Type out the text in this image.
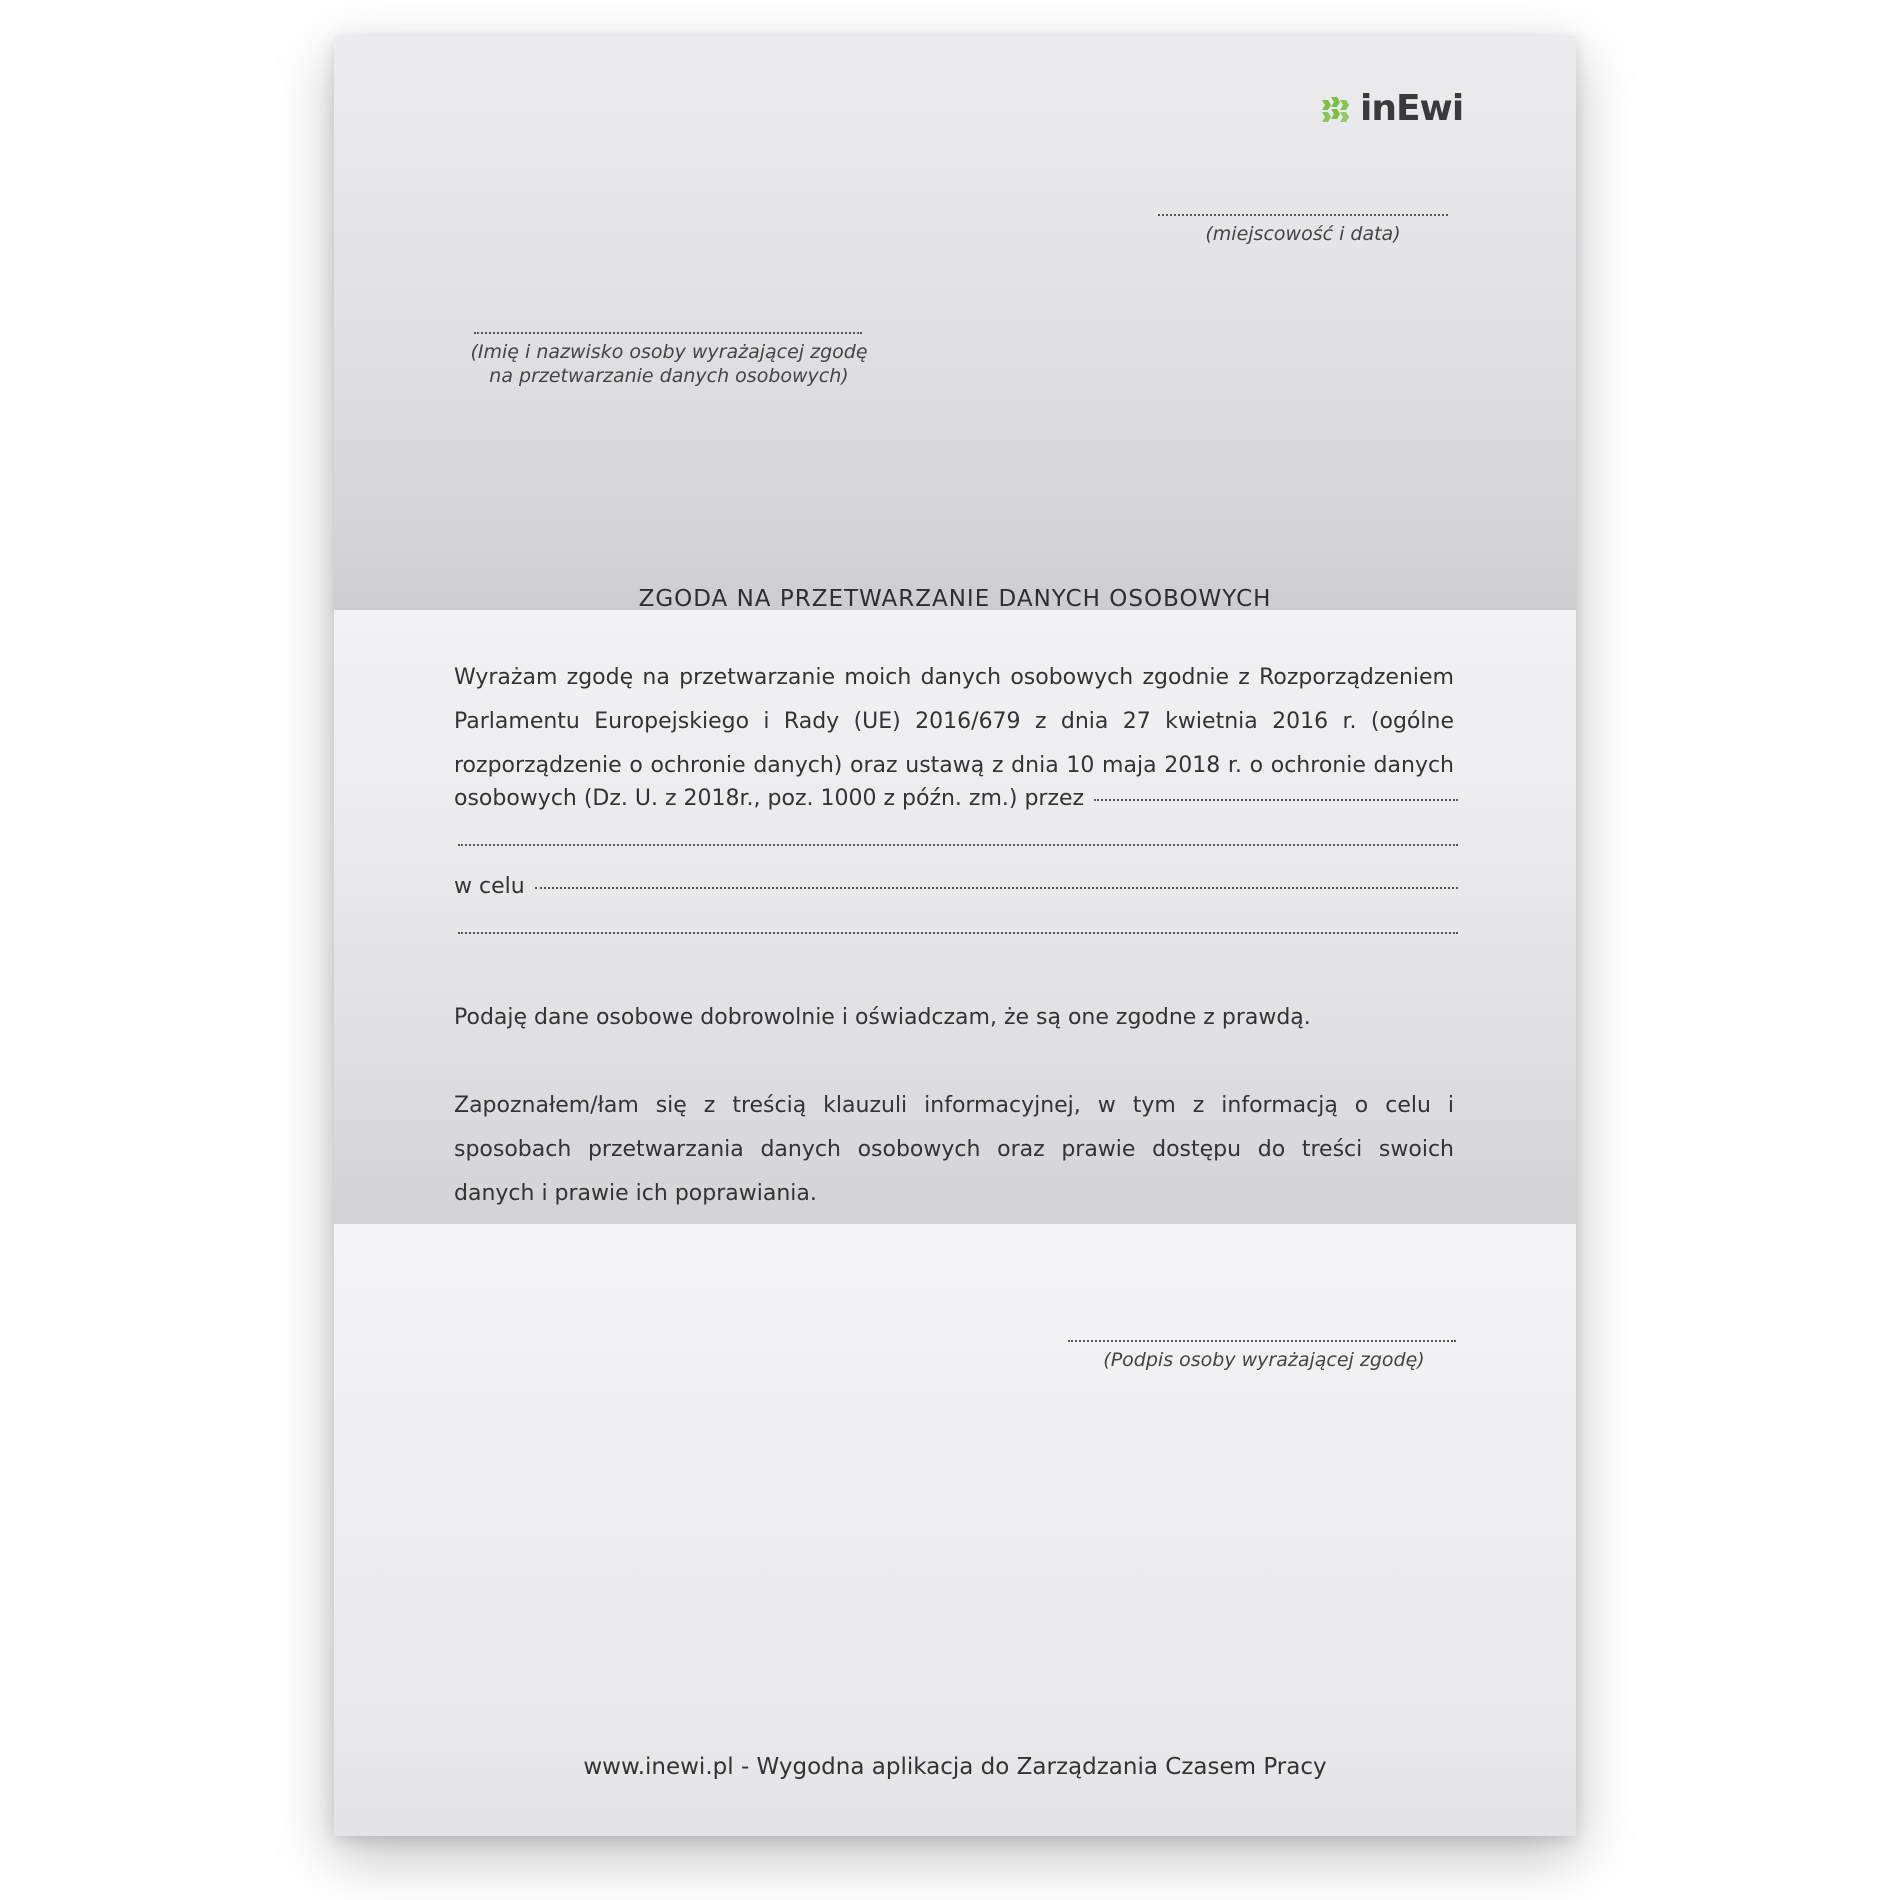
inEwi
(miejscowość i data)
(Imię i nazwisko osoby wyrażającej zgodę
na przetwarzanie danych osobowych)
ZGODA NA PRZETWARZANIE DANYCH OSOBOWYCH
Wyrażam zgodę na przetwarzanie moich danych osobowych zgodnie z Rozporządzeniem Parlamentu Europejskiego i Rady (UE) 2016/679 z dnia 27 kwietnia 2016 r. (ogólne rozporządzenie o ochronie danych) oraz ustawą z dnia 10 maja 2018 r. o ochronie danych
osobowych (Dz. U. z 2018r., poz. 1000 z późn. zm.) przez
w celu
Podaję dane osobowe dobrowolnie i oświadczam, że są one zgodne z prawdą.
Zapoznałem/łam się z treścią klauzuli informacyjnej, w tym z informacją o celu i sposobach przetwarzania danych osobowych oraz prawie dostępu do treści swoich danych i prawie ich poprawiania.
(Podpis osoby wyrażającej zgodę)
www.inewi.pl - Wygodna aplikacja do Zarządzania Czasem Pracy
